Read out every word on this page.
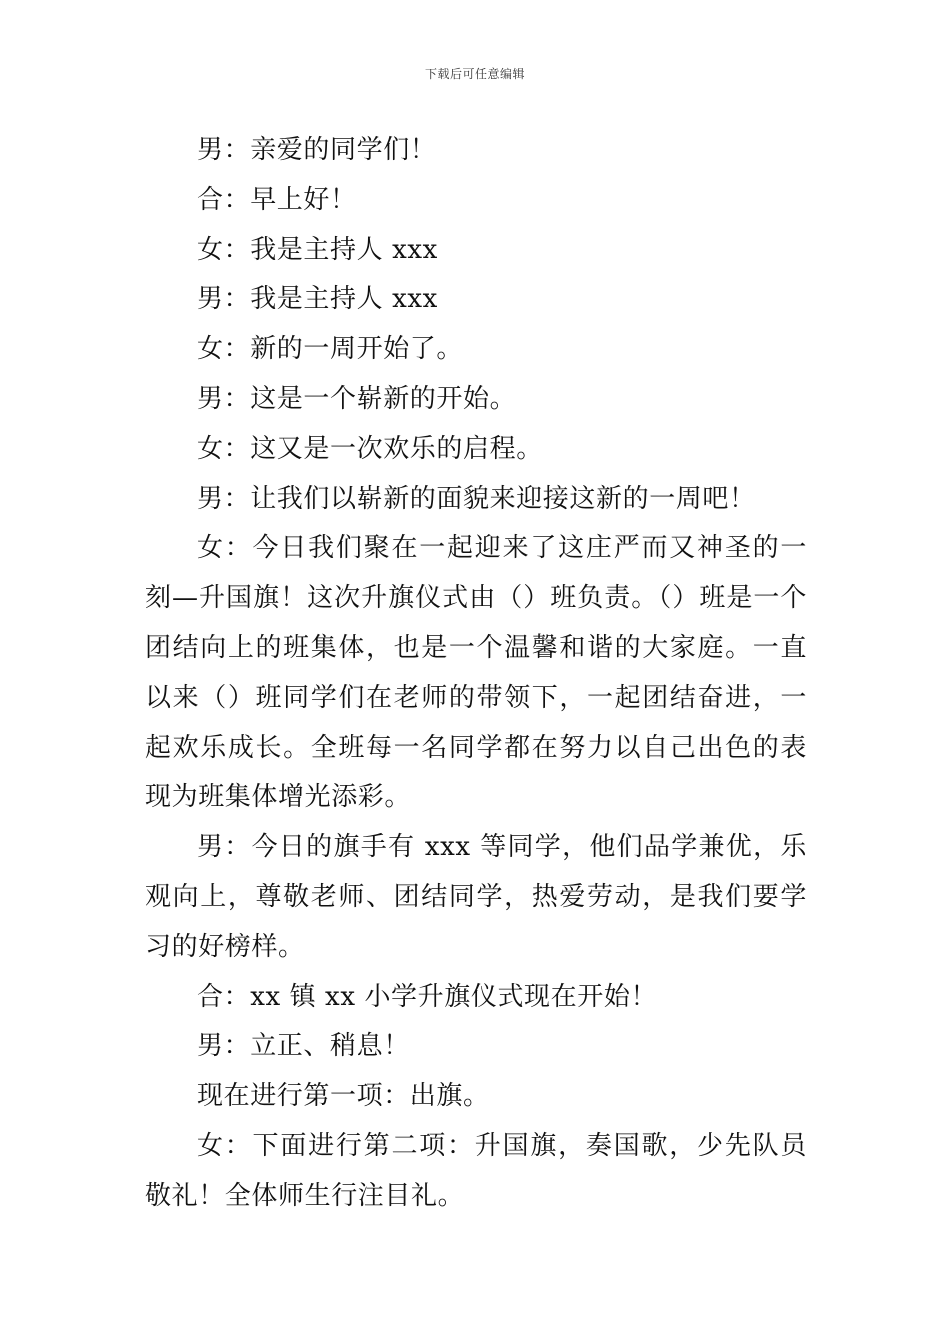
下载后可任意编辑

男：亲爱的同学们！

合：早上好！

女：我是主持人 xxx

男：我是主持人 xxx

女：新的一周开始了。

男：这是一个崭新的开始。

女：这又是一次欢乐的启程。

男：让我们以崭新的面貌来迎接这新的一周吧！

女：今日我们聚在一起迎来了这庄严而又神圣的一刻—升国旗！这次升旗仪式由（）班负责。（）班是一个团结向上的班集体，也是一个温馨和谐的大家庭。一直以来（）班同学们在老师的带领下，一起团结奋进，一起欢乐成长。全班每一名同学都在努力以自己出色的表现为班集体增光添彩。

男：今日的旗手有 xxx 等同学，他们品学兼优，乐观向上，尊敬老师、团结同学，热爱劳动，是我们要学习的好榜样。

合：xx 镇 xx 小学升旗仪式现在开始！

男：立正、稍息！

现在进行第一项：出旗。

女：下面进行第二项：升国旗，奏国歌，少先队员敬礼！全体师生行注目礼。
